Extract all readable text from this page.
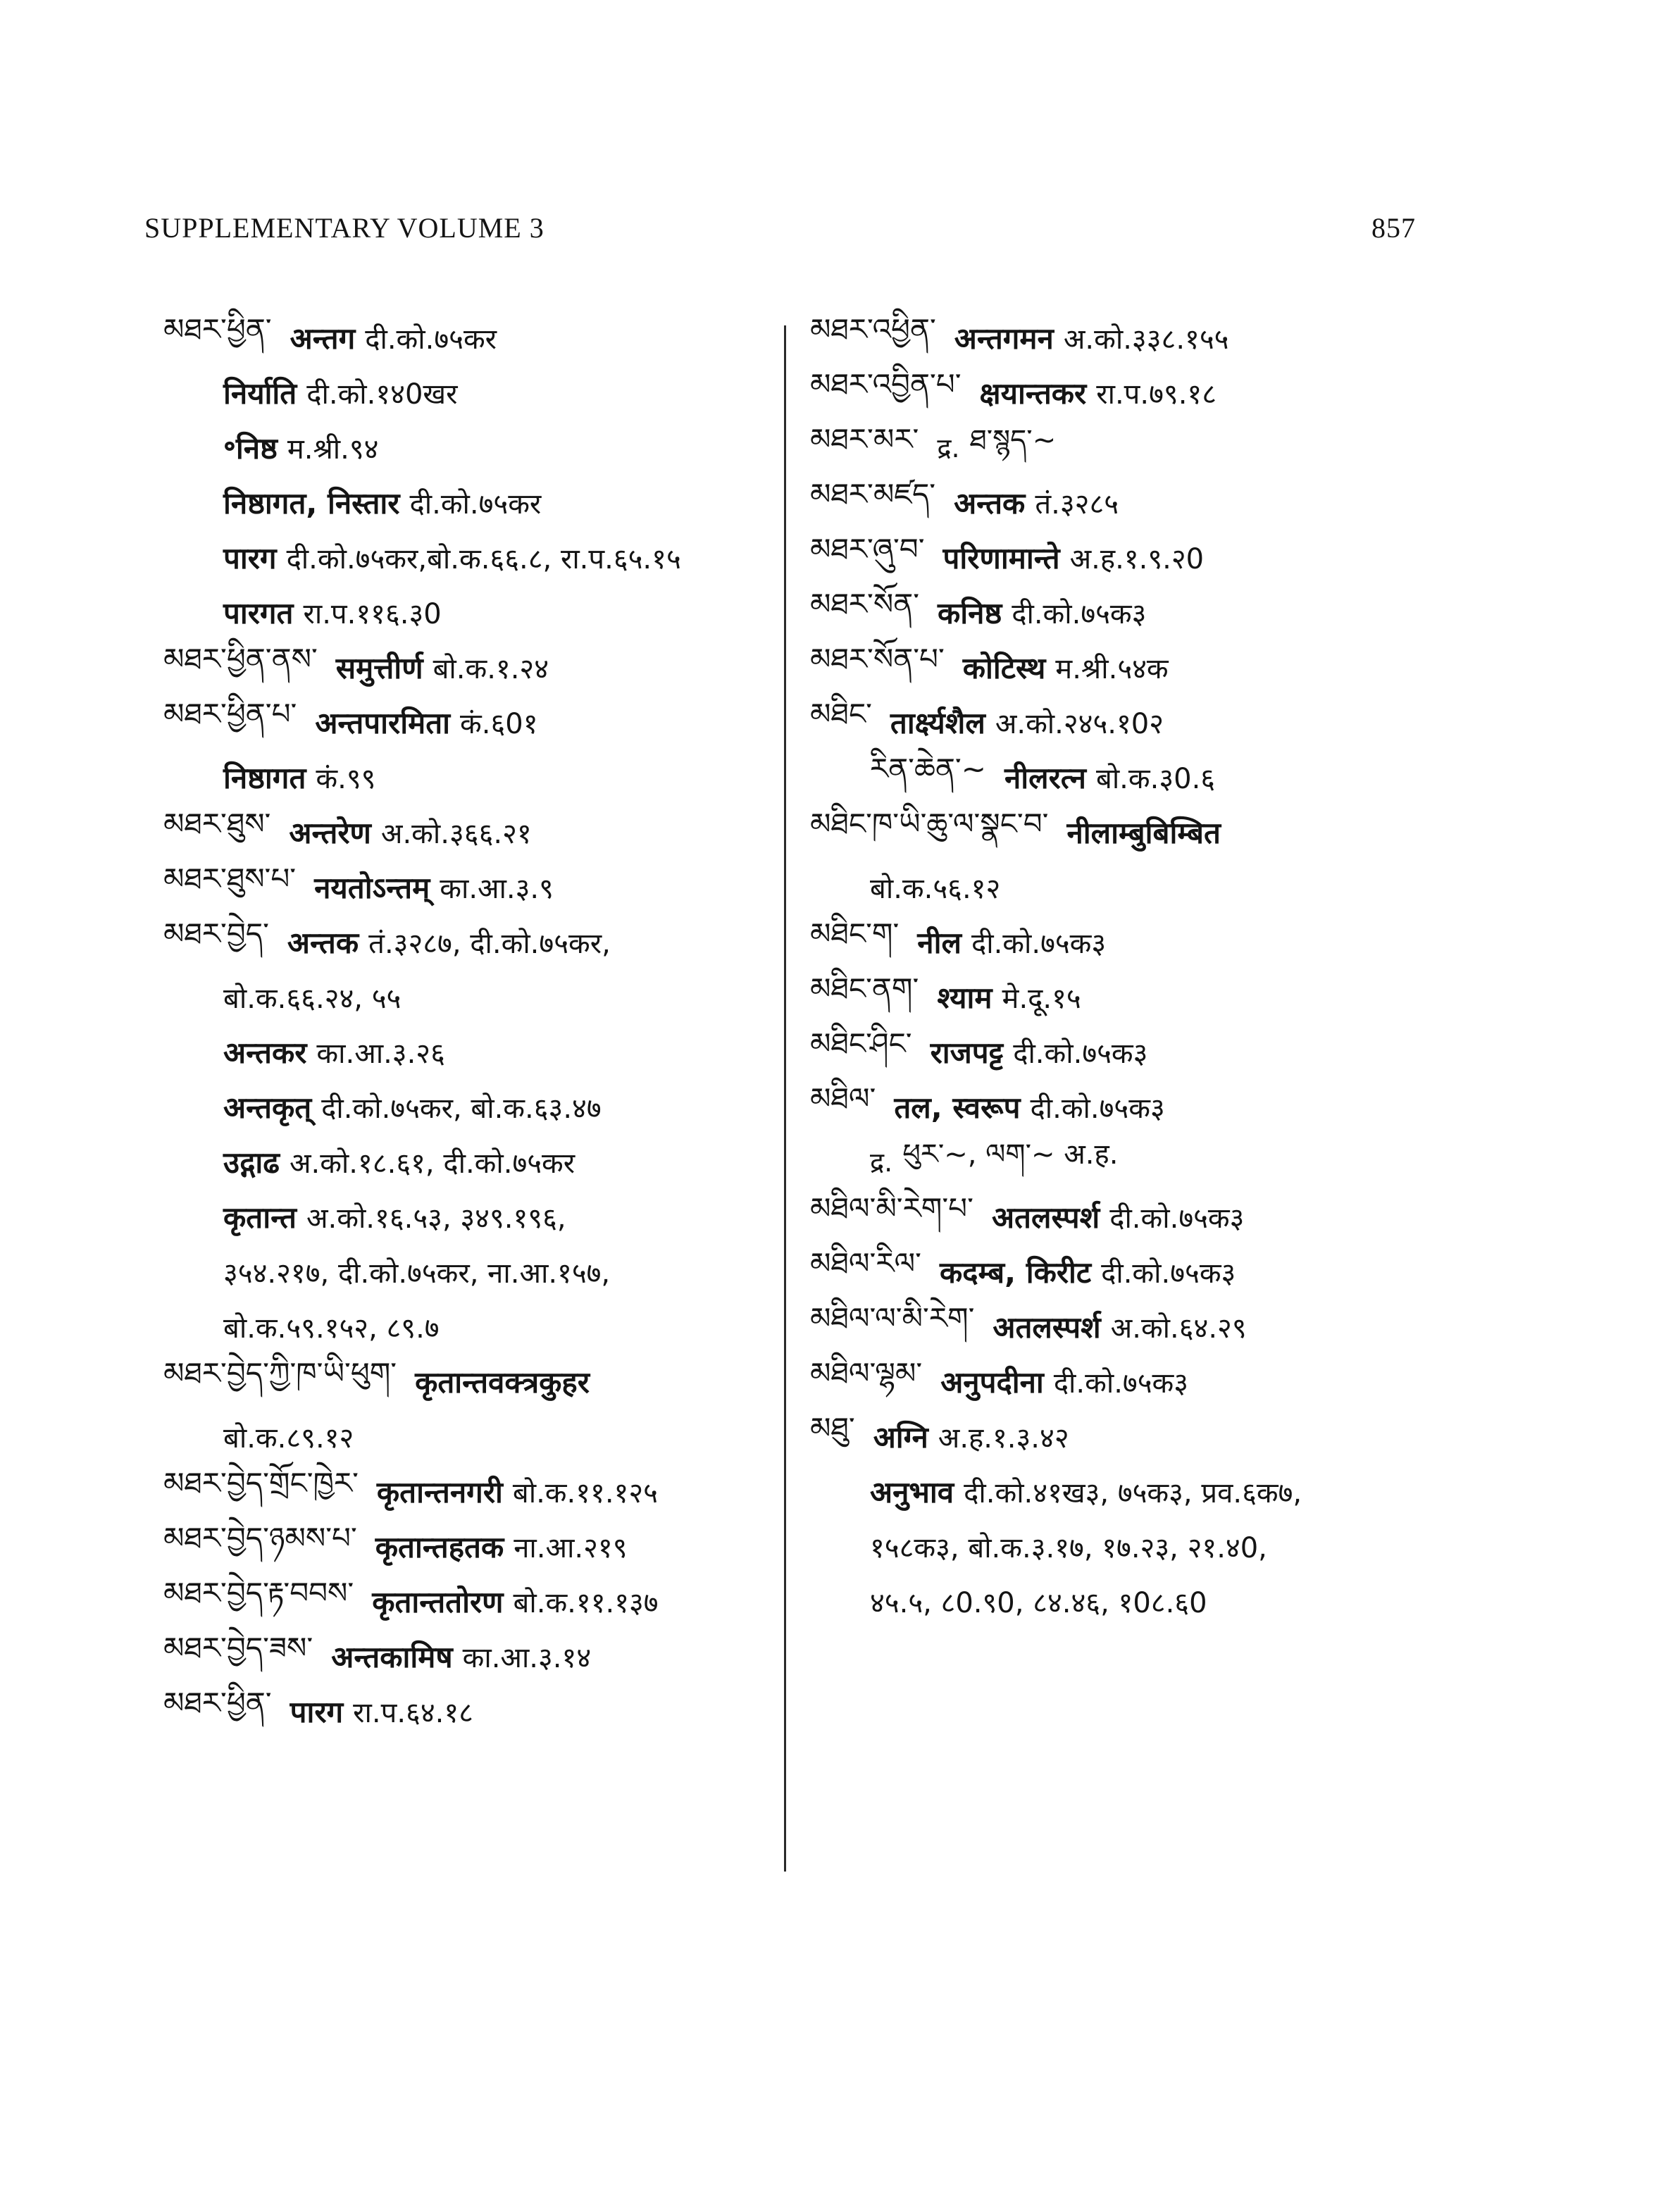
SUPPLEMENTARY VOLUME 3	857
མཐར་ཕྱིན་ अन्तग दी.को.७५कर
निर्याति दी.को.१४0खर
॰निष्ठ म.श्री.९४
निष्ठागत, निस्तार दी.को.७५कर
पारग दी.को.७५कर,बो.क.६६.८, रा.प.६५.१५
पारगत रा.प.११६.३0
མཐར་ཕྱིན་ནས་ समुत्तीर्ण बो.क.१.२४
མཐར་ཕྱིན་པ་ अन्तपारमिता कं.६0१
निष्ठागत कं.९९
མཐར་ཐུས་ अन्तरेण अ.को.३६६.२१
མཐར་ཐུས་པ་ नयतोऽन्तम् का.आ.३.९
མཐར་བྱེད་ अन्तक तं.३२८७, दी.को.७५कर,
बो.क.६६.२४, ५५
अन्तकर का.आ.३.२६
अन्तकृत् दी.को.७५कर, बो.क.६३.४७
उद्गाढ अ.को.१८.६१, दी.को.७५कर
कृतान्त अ.को.१६.५३, ३४९.१९६,
३५४.२१७, दी.को.७५कर, ना.आ.१५७,
बो.क.५९.१५२, ८९.७
མཐར་བྱེད་ཀྱི་ཁ་ཡི་ཕུག་ कृतान्तवक्त्रकुहर
बो.क.८९.१२
མཐར་བྱེད་གྲོང་ཁྱེར་ कृतान्तनगरी बो.क.११.१२५
མཐར་བྱེད་ཉམས་པ་ कृतान्तहतक ना.आ.२१९
མཐར་བྱེད་རྟ་བབས་ कृतान्ततोरण बो.क.११.१३७
མཐར་བྱེད་ཟས་ अन्तकामिष का.आ.३.१४
མཐར་ཕྱིན་ पारग रा.प.६४.१८
མཐར་འཕྱིན་ अन्तगमन अ.को.३३८.१५५
མཐར་འབྱིན་པ་ क्षयान्तकर रा.प.७९.१८
མཐར་མར་ द्र. ཐ་སྙད་~
མཐར་མཛད་ अन्तक तं.३२८५
མཐར་ཞུ་བ་ परिणामान्ते अ.ह.१.९.२0
མཐར་སོན་ कनिष्ठ दी.को.७५क३
མཐར་སོན་པ་ कोटिस्थ म.श्री.५४क
མཐིང་ तार्क्ष्यशैल अ.को.२४५.१0२
རིན་ཆེན་~ नीलरत्न बो.क.३0.६
མཐིང་ཁ་ཡི་ཆུ་ལ་སྣང་བ་ नीलाम्बुबिम्बित
बो.क.५६.१२
མཐིང་ག་ नील दी.को.७५क३
མཐིང་ནག་ श्याम मे.दू.१५
མཐིང་ཤིང་ राजपट्ट दी.को.७५क३
མཐིལ་ तल, स्वरूप दी.को.७५क३
द्र. ཕུར་~, ལག་~ अ.ह.
མཐིལ་མི་རེག་པ་ अतलस्पर्श दी.को.७५क३
མཐིལ་རིལ་ कदम्ब, किरीट दी.को.७५क३
མཐིལ་ལ་མི་རེག་ अतलस्पर्श अ.को.६४.२९
མཐིལ་ལྷམ་ अनुपदीना दी.को.७५क३
མཐུ་ अग्नि अ.ह.१.३.४२
अनुभाव दी.को.४१ख३, ७५क३, प्रव.६क७,
१५८क३, बो.क.३.१७, १७.२३, २१.४0,
४५.५, ८0.९0, ८४.४६, १0८.६0
